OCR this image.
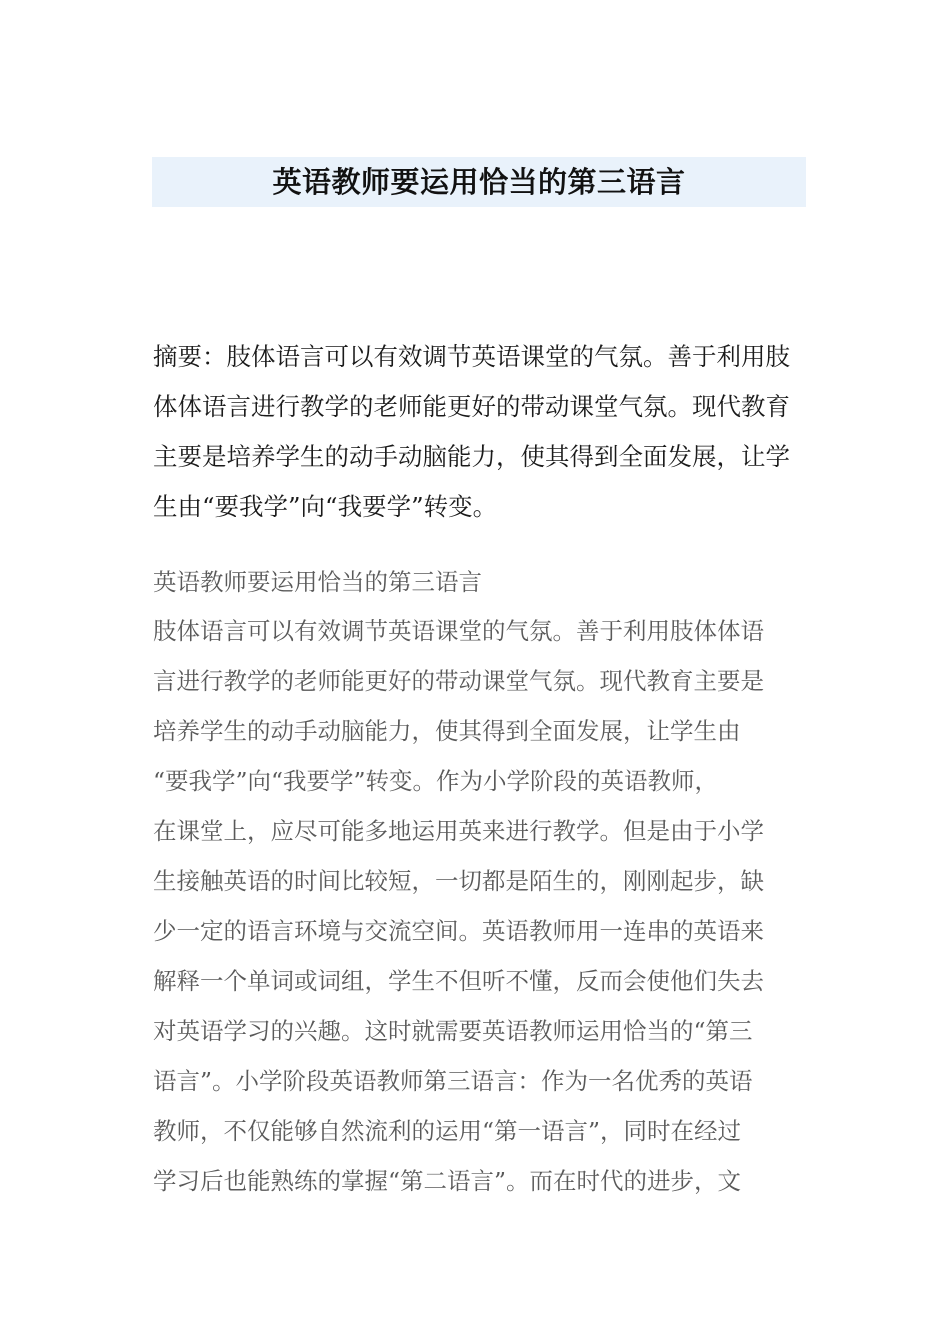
英语教师要运用恰当的第三语言

摘要：肢体语言可以有效调节英语课堂的气氛。善于利用肢
体体语言进行教学的老师能更好的带动课堂气氛。现代教育
主要是培养学生的动手动脑能力，使其得到全面发展，让学
生由“要我学”向“我要学”转变。

英语教师要运用恰当的第三语言

肢体语言可以有效调节英语课堂的气氛。善于利用肢体体语
言进行教学的老师能更好的带动课堂气氛。现代教育主要是
培养学生的动手动脑能力，使其得到全面发展，让学生由
“要我学”向“我要学”转变。作为小学阶段的英语教师，
在课堂上，应尽可能多地运用英来进行教学。但是由于小学
生接触英语的时间比较短，一切都是陌生的，刚刚起步，缺
少一定的语言环境与交流空间。英语教师用一连串的英语来
解释一个单词或词组，学生不但听不懂，反而会使他们失去
对英语学习的兴趣。这时就需要英语教师运用恰当的“第三
语言”。小学阶段英语教师第三语言：作为一名优秀的英语
教师，不仅能够自然流利的运用“第一语言”，同时在经过
学习后也能熟练的掌握“第二语言”。而在时代的进步，文
